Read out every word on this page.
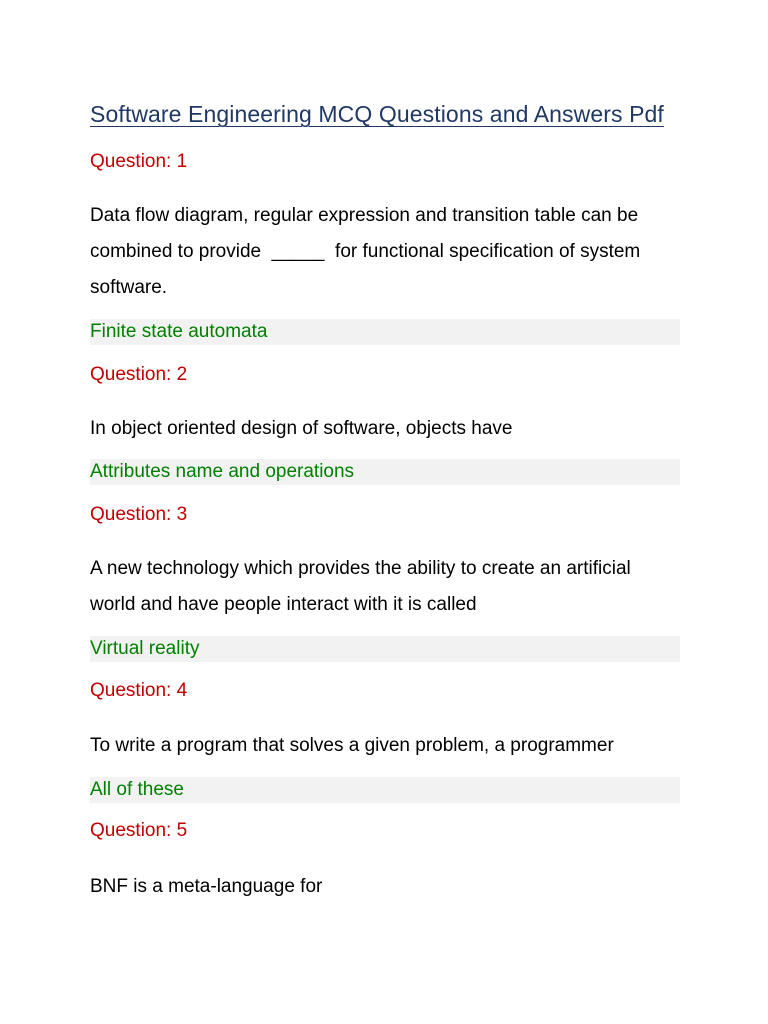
Software Engineering MCQ Questions and Answers Pdf
Question: 1
Data flow diagram, regular expression and transition table can be
combined to provide  _____  for functional specification of system
software.
Finite state automata
Question: 2
In object oriented design of software, objects have
Attributes name and operations
Question: 3
A new technology which provides the ability to create an artificial
world and have people interact with it is called
Virtual reality
Question: 4
To write a program that solves a given problem, a programmer
All of these
Question: 5
BNF is a meta-language for
